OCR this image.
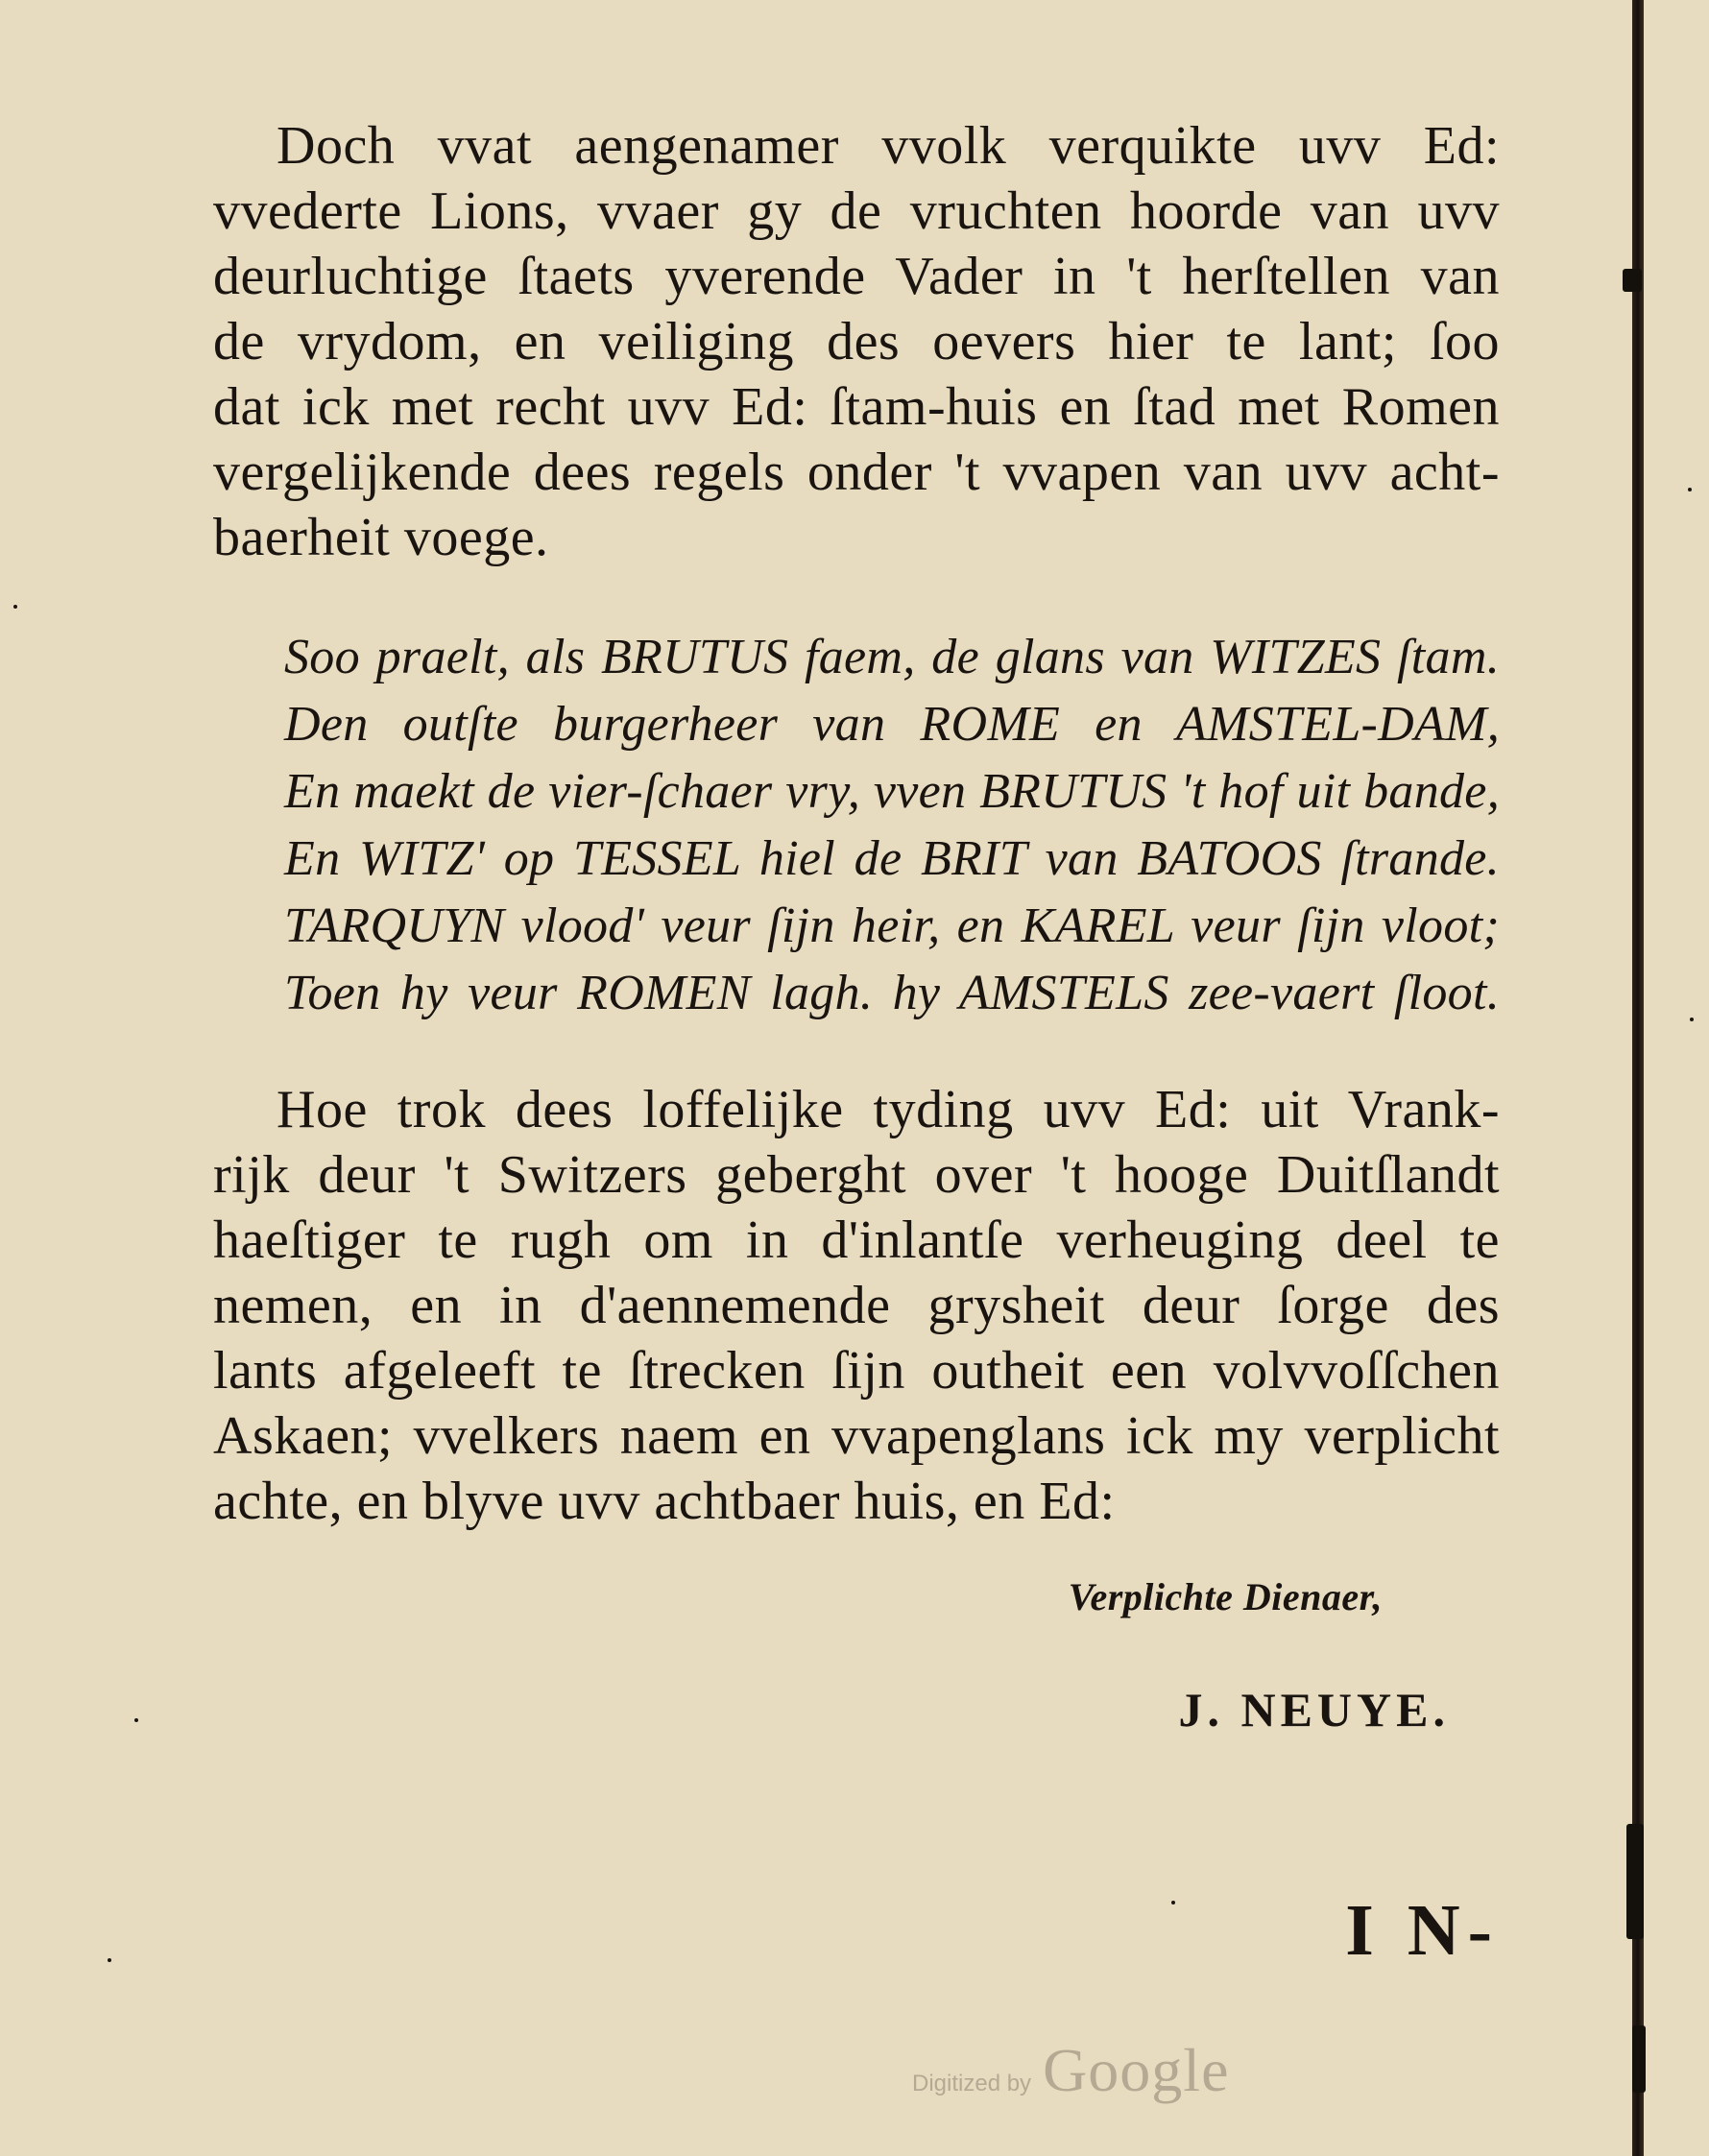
Doch vvat aengenamer vvolk verquikte uvv Ed:
vvederte Lions, vvaer gy de vruchten hoorde van uvv
deurluchtige ſtaets yverende Vader in 't herſtellen van
de vrydom, en veiliging des oevers hier te lant; ſoo
dat ick met recht uvv Ed: ſtam-huis en ſtad met Romen
vergelijkende dees regels onder 't vvapen van uvv acht-
baerheit voege.
Soo praelt, als BRUTUS faem, de glans van WITZES ſtam.
Den outſte burgerheer van ROME en AMSTEL-DAM,
En maekt de vier-ſchaer vry, vven BRUTUS 't hof uit bande,
En WITZ' op TESSEL hiel de BRIT van BATOOS ſtrande.
TARQUYN vlood' veur ſijn heir, en KAREL veur ſijn vloot;
Toen hy veur ROMEN lagh. hy AMSTELS zee-vaert ſloot.
Hoe trok dees loffelijke tyding uvv Ed: uit Vrank-
rijk deur 't Switzers geberght over 't hooge Duitſlandt
haeſtiger te rugh om in d'inlantſe verheuging deel te
nemen, en in d'aennemende grysheit deur ſorge des
lants afgeleeft te ſtrecken ſijn outheit een volvvoſſchen
Askaen; vvelkers naem en vvapenglans ick my verplicht
achte, en blyve uvv achtbaer huis, en Ed:
Verplichte Dienaer,
J. NEUYE.
I N-
Digitized by Google
